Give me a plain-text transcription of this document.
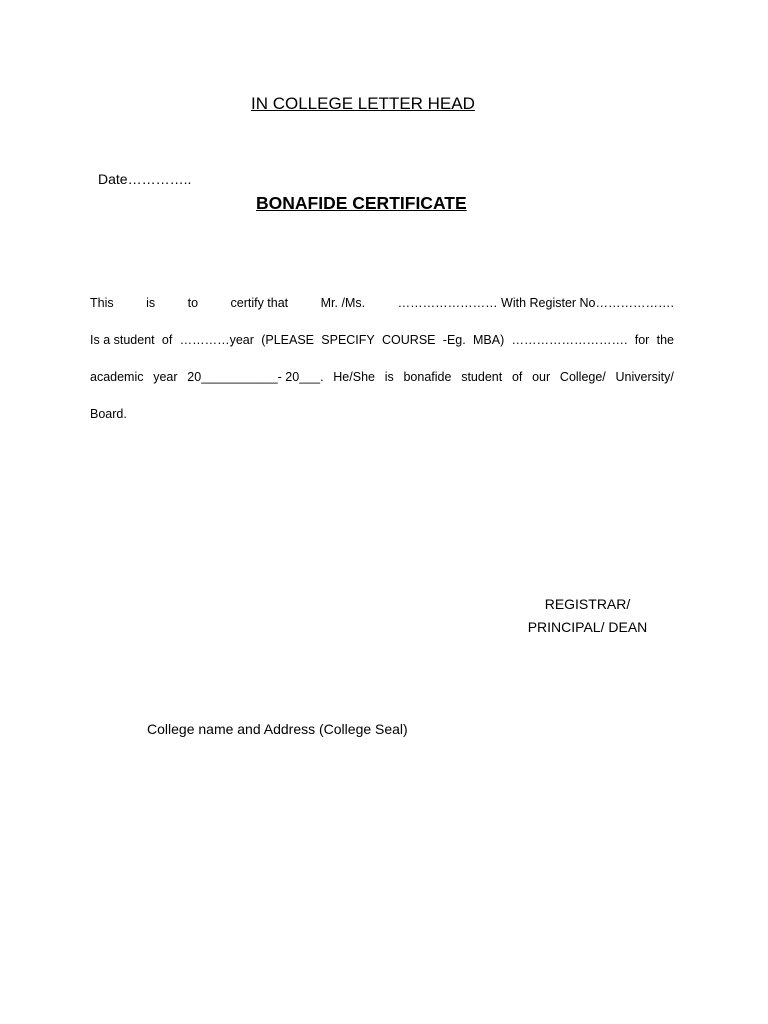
IN COLLEGE LETTER HEAD
Date…………..
BONAFIDE CERTIFICATE
This	is	to	certify that	Mr. /Ms.	…………………… With Register No……………….
Is a student of …………year (PLEASE SPECIFY COURSE -Eg. MBA) ………………………. for the
academic year 20___________- 20___. He/She is bonafide student of our College/ University/
Board.
REGISTRAR/
PRINCIPAL/ DEAN
College name and Address (College Seal)
